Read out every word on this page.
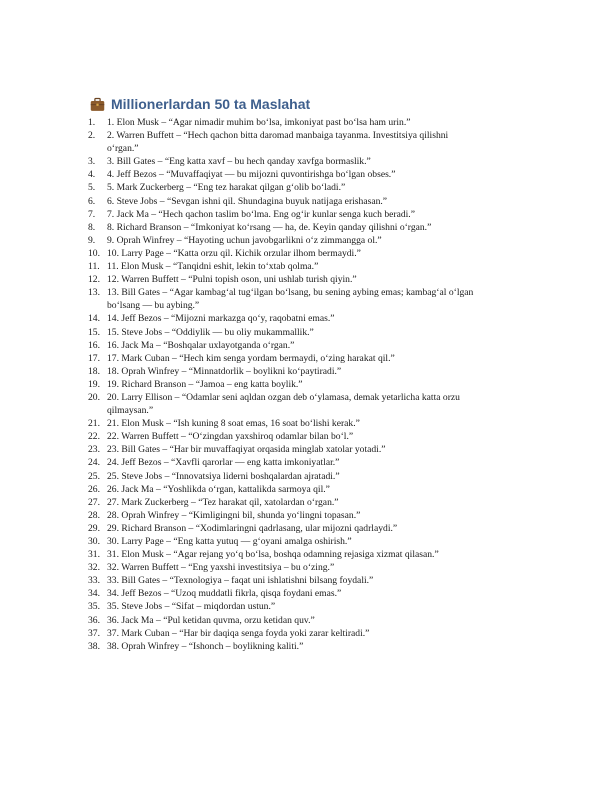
Millionerlardan 50 ta Maslahat
1.	1. Elon Musk – “Agar nimadir muhim bo‘lsa, imkoniyat past bo‘lsa ham urin.”
2.	2. Warren Buffett – “Hech qachon bitta daromad manbaiga tayanma. Investitsiya qilishni
o‘rgan.”
3.	3. Bill Gates – “Eng katta xavf – bu hech qanday xavfga bormaslik.”
4.	4. Jeff Bezos – “Muvaffaqiyat — bu mijozni quvontirishga bo‘lgan obses.”
5.	5. Mark Zuckerberg – “Eng tez harakat qilgan g‘olib bo‘ladi.”
6.	6. Steve Jobs – “Sevgan ishni qil. Shundagina buyuk natijaga erishasan.”
7.	7. Jack Ma – “Hech qachon taslim bo‘lma. Eng og‘ir kunlar senga kuch beradi.”
8.	8. Richard Branson – “Imkoniyat ko‘rsang — ha, de. Keyin qanday qilishni o‘rgan.”
9.	9. Oprah Winfrey – “Hayoting uchun javobgarlikni o‘z zimmangga ol.”
10. 10. Larry Page – “Katta orzu qil. Kichik orzular ilhom bermaydi.”
11. 11. Elon Musk – “Tanqidni eshit, lekin to‘xtab qolma.”
12. 12. Warren Buffett – “Pulni topish oson, uni ushlab turish qiyin.”
13. 13. Bill Gates – “Agar kambag‘al tug‘ilgan bo‘lsang, bu sening aybing emas; kambag‘al o‘lgan
bo‘lsang — bu aybing.”
14. 14. Jeff Bezos – “Mijozni markazga qo‘y, raqobatni emas.”
15. 15. Steve Jobs – “Oddiylik — bu oliy mukammallik.”
16. 16. Jack Ma – “Boshqalar uxlayotganda o‘rgan.”
17. 17. Mark Cuban – “Hech kim senga yordam bermaydi, o‘zing harakat qil.”
18. 18. Oprah Winfrey – “Minnatdorlik – boylikni ko‘paytiradi.”
19. 19. Richard Branson – “Jamoa – eng katta boylik.”
20. 20. Larry Ellison – “Odamlar seni aqldan ozgan deb o‘ylamasa, demak yetarlicha katta orzu
qilmaysan.”
21. 21. Elon Musk – “Ish kuning 8 soat emas, 16 soat bo‘lishi kerak.”
22. 22. Warren Buffett – “O‘zingdan yaxshiroq odamlar bilan bo‘l.”
23. 23. Bill Gates – “Har bir muvaffaqiyat orqasida minglab xatolar yotadi.”
24. 24. Jeff Bezos – “Xavfli qarorlar — eng katta imkoniyatlar.”
25. 25. Steve Jobs – “Innovatsiya liderni boshqalardan ajratadi.”
26. 26. Jack Ma – “Yoshlikda o‘rgan, kattalikda sarmoya qil.”
27. 27. Mark Zuckerberg – “Tez harakat qil, xatolardan o‘rgan.”
28. 28. Oprah Winfrey – “Kimligingni bil, shunda yo‘lingni topasan.”
29. 29. Richard Branson – “Xodimlaringni qadrlasang, ular mijozni qadrlaydi.”
30. 30. Larry Page – “Eng katta yutuq — g‘oyani amalga oshirish.”
31. 31. Elon Musk – “Agar rejang yo‘q bo‘lsa, boshqa odamning rejasiga xizmat qilasan.”
32. 32. Warren Buffett – “Eng yaxshi investitsiya – bu o‘zing.”
33. 33. Bill Gates – “Texnologiya – faqat uni ishlatishni bilsang foydali.”
34. 34. Jeff Bezos – “Uzoq muddatli fikrla, qisqa foydani emas.”
35. 35. Steve Jobs – “Sifat – miqdordan ustun.”
36. 36. Jack Ma – “Pul ketidan quvma, orzu ketidan quv.”
37. 37. Mark Cuban – “Har bir daqiqa senga foyda yoki zarar keltiradi.”
38. 38. Oprah Winfrey – “Ishonch – boylikning kaliti.”
